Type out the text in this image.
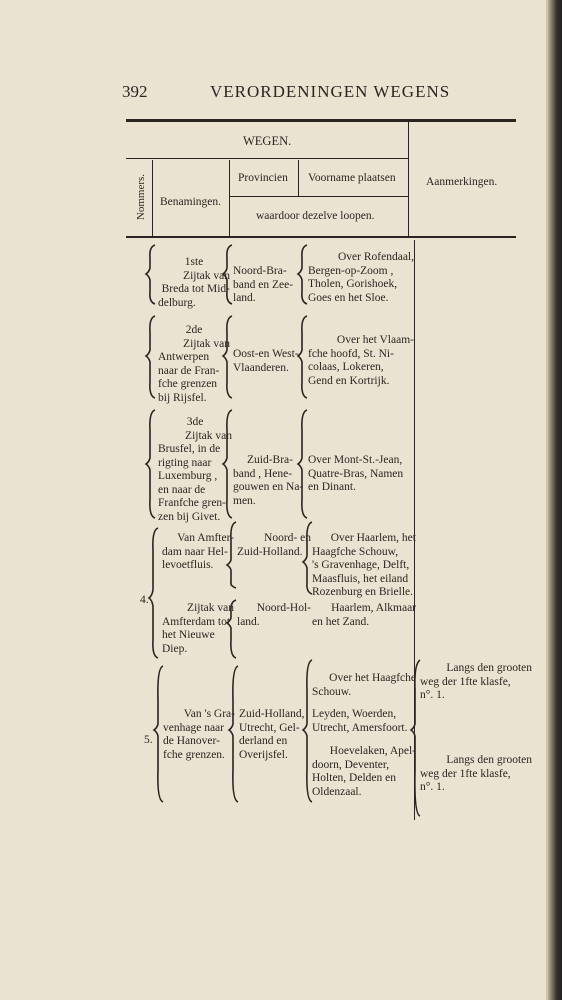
392	VERORDENINGEN WEGENS
WEGEN.
Nommers. Benamingen.
Provincien Voorname plaatsen
waardoor dezelve loopen.
Aanmerkingen.
1ste
Zijtak van
Breda tot Mid-
delburg.
Noord-Bra-
band en Zee-
land.
Over Rofendaal,
Bergen-op-Zoom ,
Tholen, Gorishoek,
Goes en het Sloe.
2de
Zijtak van
Antwerpen
naar de Fran-
fche grenzen
bij Rijsfel.
Oost-en West-
Vlaanderen.
Over het Vlaam-
fche hoofd, St. Ni-
colaas, Lokeren,
Gend en Kortrijk.
3de
Zijtak van
Brusfel, in de
rigting naar
Luxemburg ,
en naar de
Franfche gren-
zen bij Givet.
Zuid-Bra-
band , Hene-
gouwen en Na-
men.
Over Mont-St.-Jean,
Quatre-Bras, Namen
en Dinant.
4.
Van Amfter-
dam naar Hel-
levoetfluis.
Noord- en
Zuid-Holland.
Over Haarlem, het
Haagfche Schouw,
's Gravenhage, Delft,
Maasfluis, het eiland
Rozenburg en Brielle.
Zijtak van
Amfterdam tot
het Nieuwe
Diep.
Noord-Hol-
land.
Haarlem, Alkmaar
en het Zand.
5.
Van 's Gra-
venhage naar
de Hanover-
fche grenzen.
Zuid-Holland,
Utrecht, Gel-
derland en
Overijsfel.
Over het Haagfche
Schouw.
Leyden, Woerden,
Utrecht, Amersfoort.
Hoevelaken, Apel-
doorn, Deventer,
Holten, Delden en
Oldenzaal.
Langs den grooten
weg der 1fte klasfe,
n°. 1.
Langs den grooten
weg der 1fte klasfe,
n°. 1.
